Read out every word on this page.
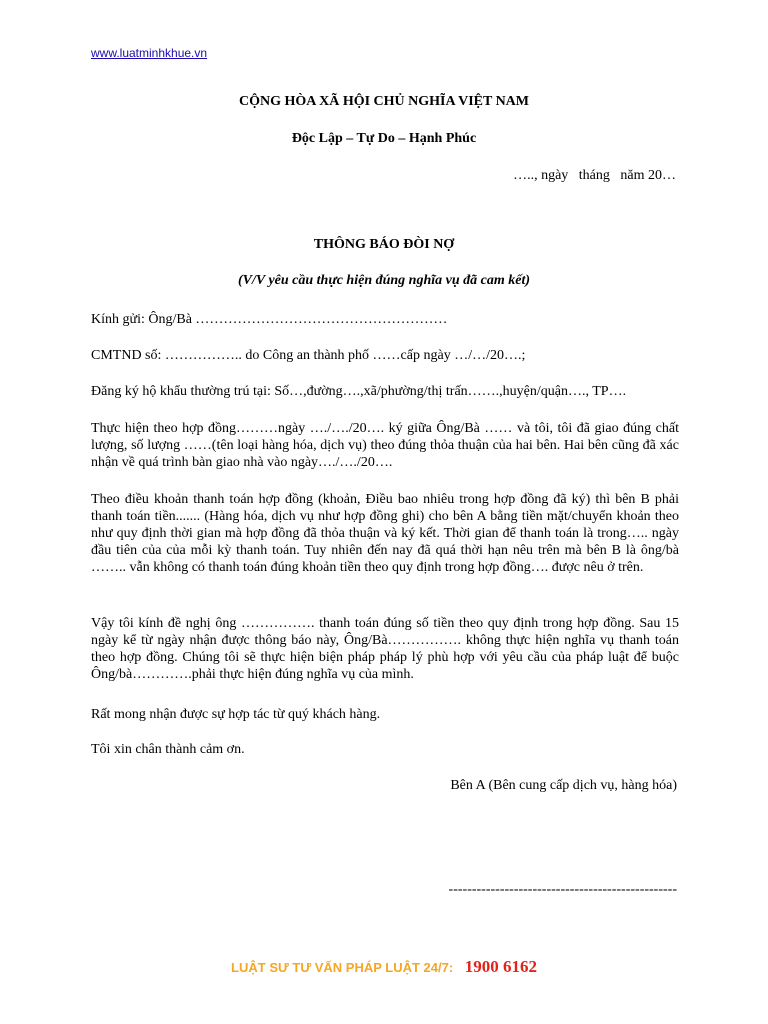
www.luatminhkhue.vn
CỘNG HÒA XÃ HỘI CHỦ NGHĨA VIỆT NAM
Độc Lập – Tự Do – Hạnh Phúc
….., ngày   tháng   năm 20…
THÔNG BÁO ĐÒI NỢ
(V/V yêu cầu thực hiện đúng nghĩa vụ đã cam kết)
Kính gửi: Ông/Bà ………………………………………………
CMTND số: …………….. do Công an thành phố ……cấp ngày …/…/20….;
Đăng ký hộ khẩu thường trú tại: Số…,đường….,xã/phường/thị trấn…….,huyện/quận…., TP….
Thực hiện theo hợp đồng………ngày …./…./20…. ký giữa Ông/Bà …… và tôi, tôi đã giao đúng chất lượng, số lượng ……(tên loại hàng hóa, dịch vụ) theo đúng thỏa thuận của hai bên. Hai bên cũng đã xác nhận về quá trình bàn giao nhà vào ngày…./…./20….
Theo điều khoản thanh toán hợp đồng (khoản, Điều bao nhiêu trong hợp đồng đã ký) thì bên B phải thanh toán tiền....... (Hàng hóa, dịch vụ như hợp đồng ghi) cho bên A bằng tiền mặt/chuyển khoản theo như quy định thời gian mà hợp đồng đã thỏa thuận và ký kết. Thời gian để thanh toán là trong….. ngày đầu tiên của của mỗi kỳ thanh toán. Tuy nhiên đến nay đã quá thời hạn nêu trên mà bên B là ông/bà …….. vẫn không có thanh toán đúng khoản tiền theo quy định trong hợp đồng…. được nêu ở trên.
Vậy tôi kính đề nghị ông ……………. thanh toán đúng số tiền theo quy định trong hợp đồng. Sau 15 ngày kể từ ngày nhận được thông báo này, Ông/Bà……………. không thực hiện nghĩa vụ thanh toán theo hợp đồng. Chúng tôi sẽ thực hiện biện pháp pháp lý phù hợp với yêu cầu của pháp luật để buộc Ông/bà………….phải thực hiện đúng nghĩa vụ của mình.
Rất mong nhận được sự hợp tác từ quý khách hàng.
Tôi xin chân thành cảm ơn.
Bên A (Bên cung cấp dịch vụ, hàng hóa)
-------------------------------------------------
LUẬT SƯ TƯ VẤN PHÁP LUẬT 24/7: 1900 6162
